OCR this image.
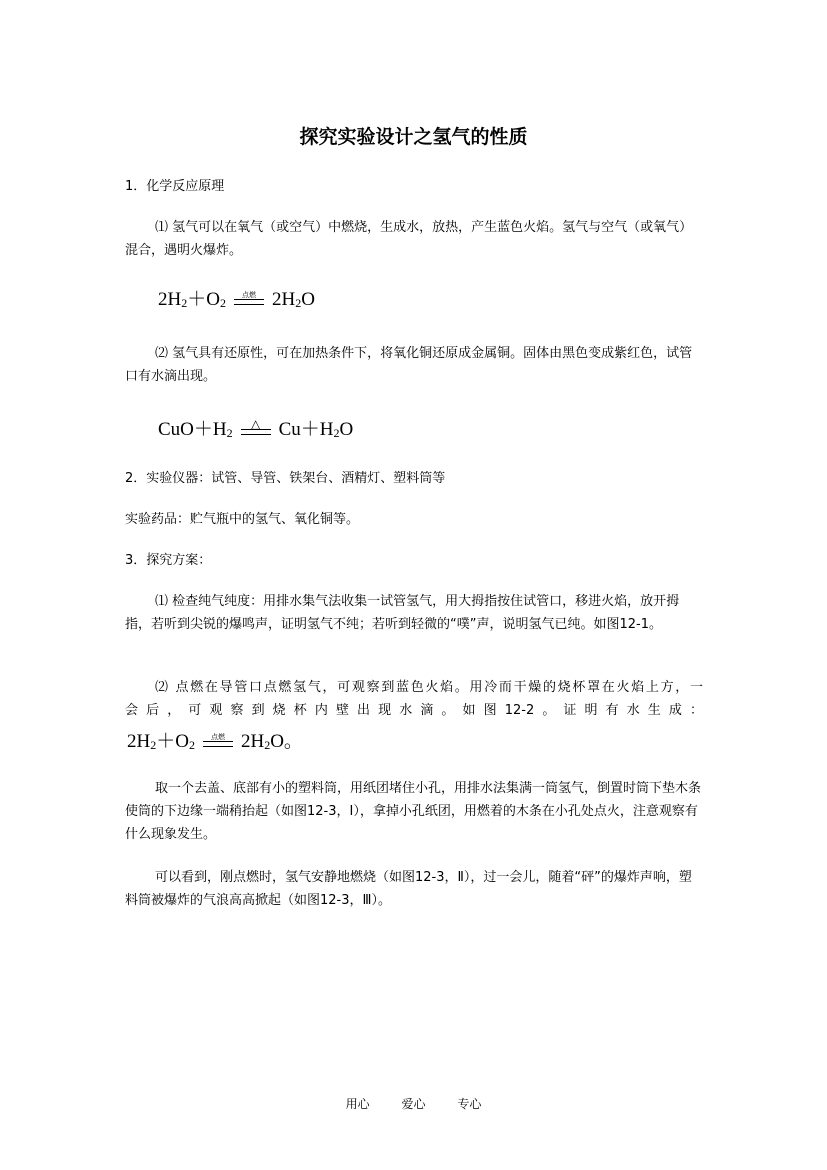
探究实验设计之氢气的性质

1．化学反应原理

⑴ 氢气可以在氧气（或空气）中燃烧，生成水，放热，产生蓝色火焰。氢气与空气（或氧气）混合，遇明火爆炸。

2H $2 +O_2$
点燃 2H 2 O

⑵ 氢气具有还原性，可在加热条件下，将氧化铜还原成金属铜。固体由黑色变成紫红色，试管口有水滴出现。

$CuO+H_2$
△ $Cu+H_2$ O

2．实验仪器：试管、导管、铁架台、酒精灯、塑料筒等

实验药品：贮气瓶中的氢气、氧化铜等。

3．探究方案：

⑴ 检查纯气纯度：用排水集气法收集一试管氢气，用大拇指按住试管口，移进火焰，放开拇指，若听到尖锐的爆鸣声，证明氢气不纯；若听到轻微的“噗”声，说明氢气已纯。如图12-1。

⑵ 点燃在导管口点燃氢气，可观察到蓝色火焰。用冷而干燥的烧杯罩在火焰上方，一

会后，可观察到烧杯内壁出现水滴。如图12-2。证明有水生成：

2H $2 +O_2$
点燃 2H 2 O。

取一个去盖、底部有小的塑料筒，用纸团堵住小孔，用排水法集满一筒氢气，倒置时筒下垫木条使筒的下边缘一端稍抬起（如图12-3，Ⅰ），拿掉小孔纸团，用燃着的木条在小孔处点火，注意观察有什么现象发生。

可以看到，刚点燃时，氢气安静地燃烧（如图12-3，Ⅱ），过一会儿，随着“砰”的爆炸声响，塑料筒被爆炸的气浪高高掀起（如图12-3，Ⅲ）。

用心	爱心	专心
